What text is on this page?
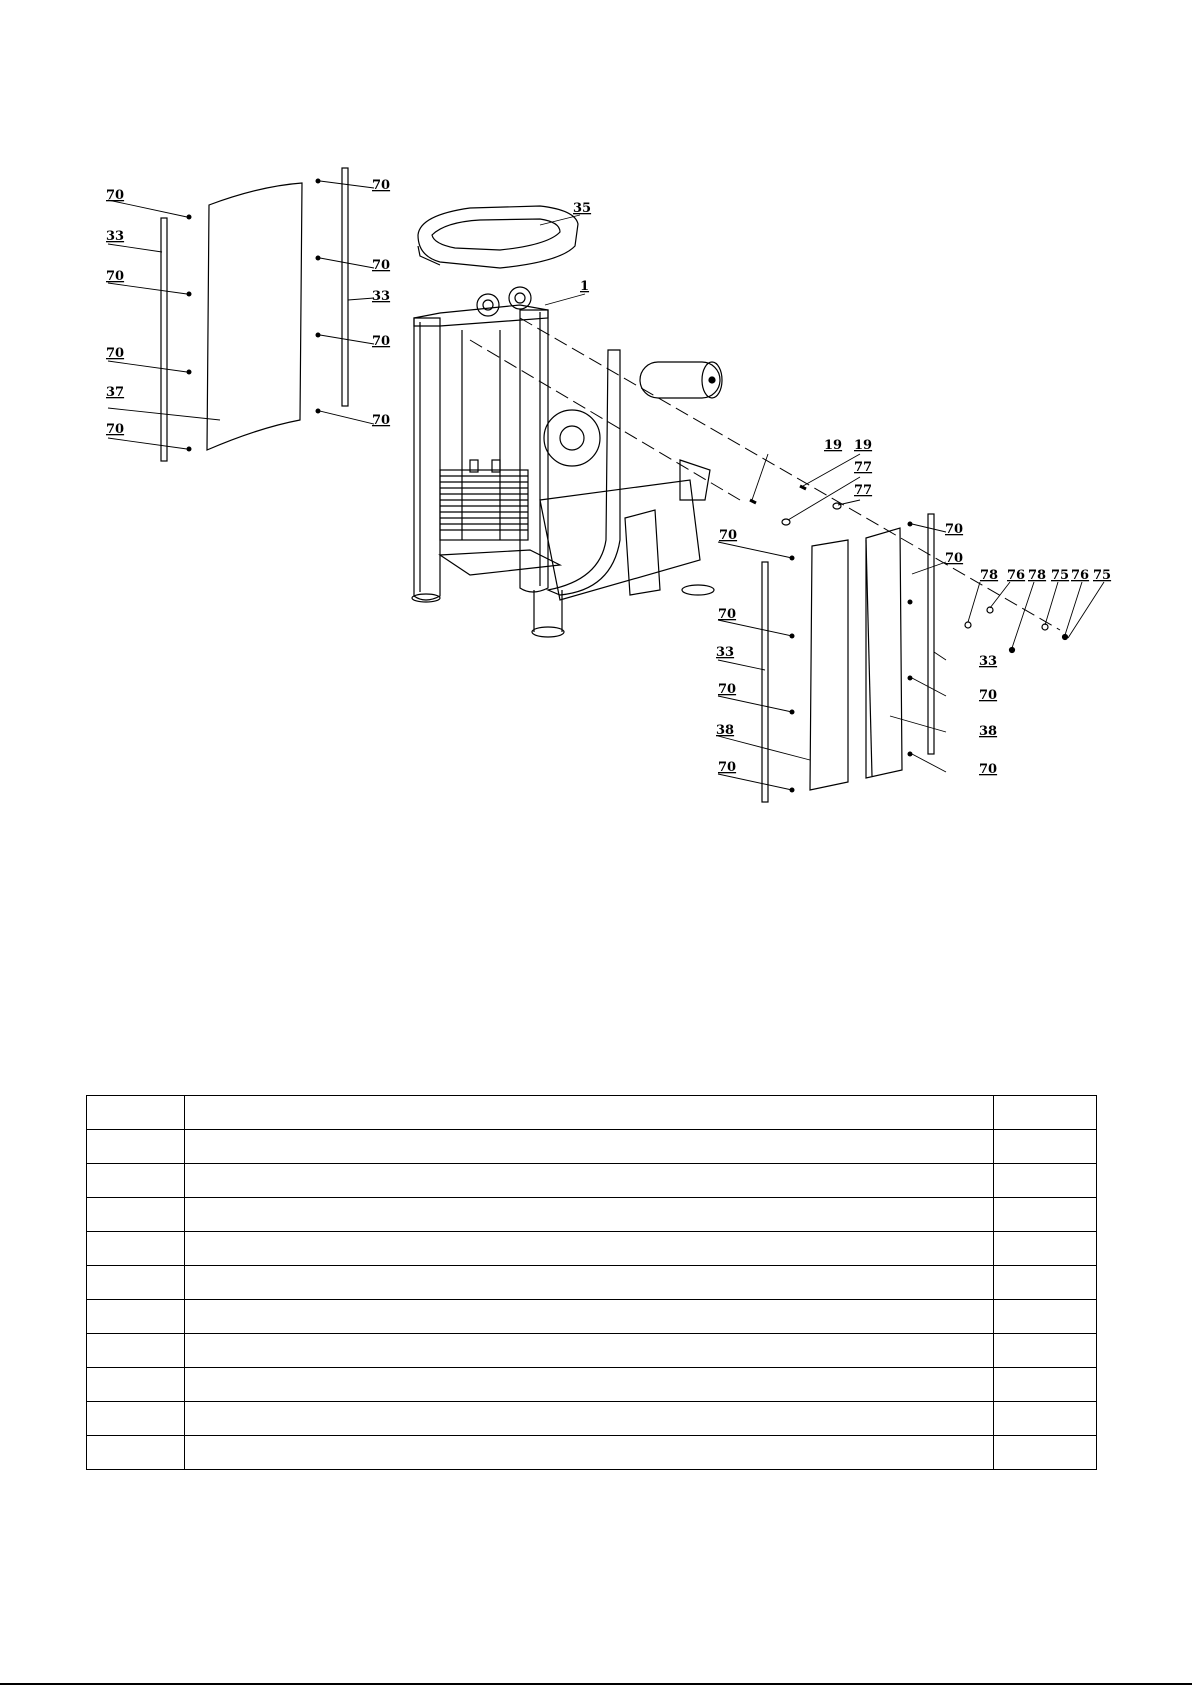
70
33
70
70
37
70
70
70
33
70
70
35
1
19 19
77
77
70
70
33
70
38
70
70
70
78 76 78 75 76 75
33
70
38
70
